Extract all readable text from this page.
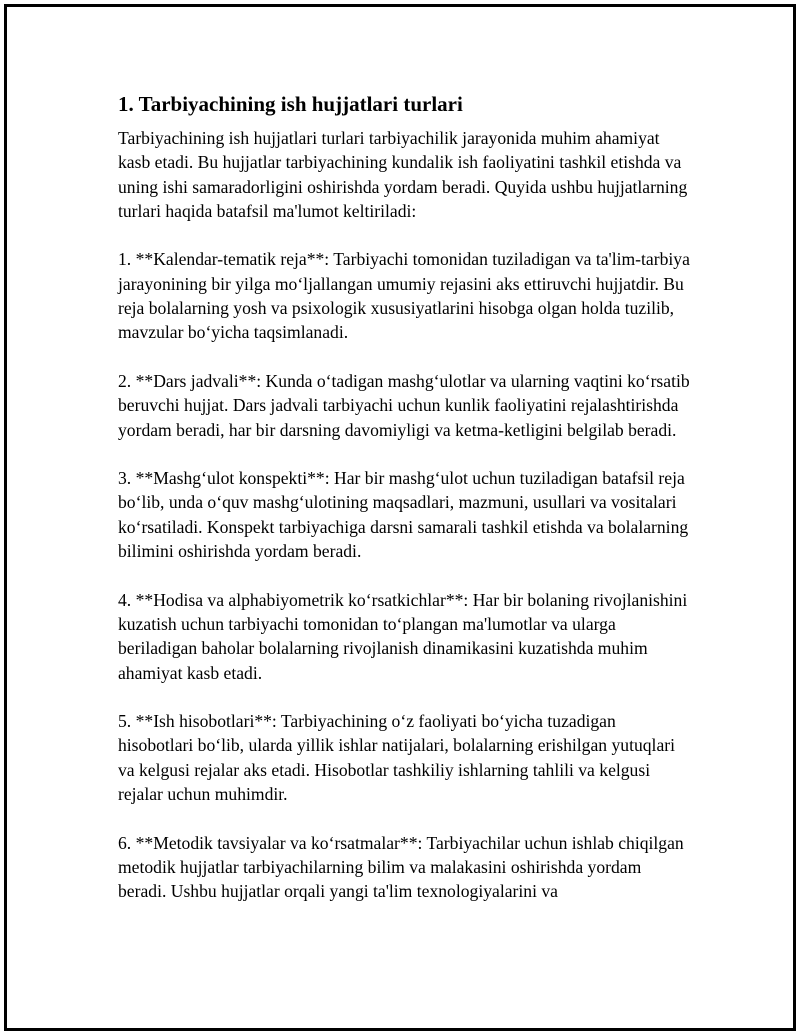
1. Tarbiyachining ish hujjatlari turlari

Tarbiyachining ish hujjatlari turlari tarbiyachilik jarayonida muhim ahamiyat kasb etadi. Bu hujjatlar tarbiyachining kundalik ish faoliyatini tashkil etishda va uning ishi samaradorligini oshirishda yordam beradi. Quyida ushbu hujjatlarning turlari haqida batafsil ma'lumot keltiriladi:

1. **Kalendar-tematik reja**: Tarbiyachi tomonidan tuziladigan va ta'lim-tarbiya jarayonining bir yilga mo‘ljallangan umumiy rejasini aks ettiruvchi hujjatdir. Bu reja bolalarning yosh va psixologik xususiyatlarini hisobga olgan holda tuzilib, mavzular bo‘yicha taqsimlanadi.

2. **Dars jadvali**: Kunda o‘tadigan mashg‘ulotlar va ularning vaqtini ko‘rsatib beruvchi hujjat. Dars jadvali tarbiyachi uchun kunlik faoliyatini rejalashtirishda yordam beradi, har bir darsning davomiyligi va ketma-ketligini belgilab beradi.

3. **Mashg‘ulot konspekti**: Har bir mashg‘ulot uchun tuziladigan batafsil reja bo‘lib, unda o‘quv mashg‘ulotining maqsadlari, mazmuni, usullari va vositalari ko‘rsatiladi. Konspekt tarbiyachiga darsni samarali tashkil etishda va bolalarning bilimini oshirishda yordam beradi.

4. **Hodisa va alphabiyometrik ko‘rsatkichlar**: Har bir bolaning rivojlanishini kuzatish uchun tarbiyachi tomonidan to‘plangan ma'lumotlar va ularga beriladigan baholar bolalarning rivojlanish dinamikasini kuzatishda muhim ahamiyat kasb etadi.

5. **Ish hisobotlari**: Tarbiyachining o‘z faoliyati bo‘yicha tuzadigan hisobotlari bo‘lib, ularda yillik ishlar natijalari, bolalarning erishilgan yutuqlari va kelgusi rejalar aks etadi. Hisobotlar tashkiliy ishlarning tahlili va kelgusi rejalar uchun muhimdir.

6. **Metodik tavsiyalar va ko‘rsatmalar**: Tarbiyachilar uchun ishlab chiqilgan metodik hujjatlar tarbiyachilarning bilim va malakasini oshirishda yordam beradi. Ushbu hujjatlar orqali yangi ta'lim texnologiyalarini va
